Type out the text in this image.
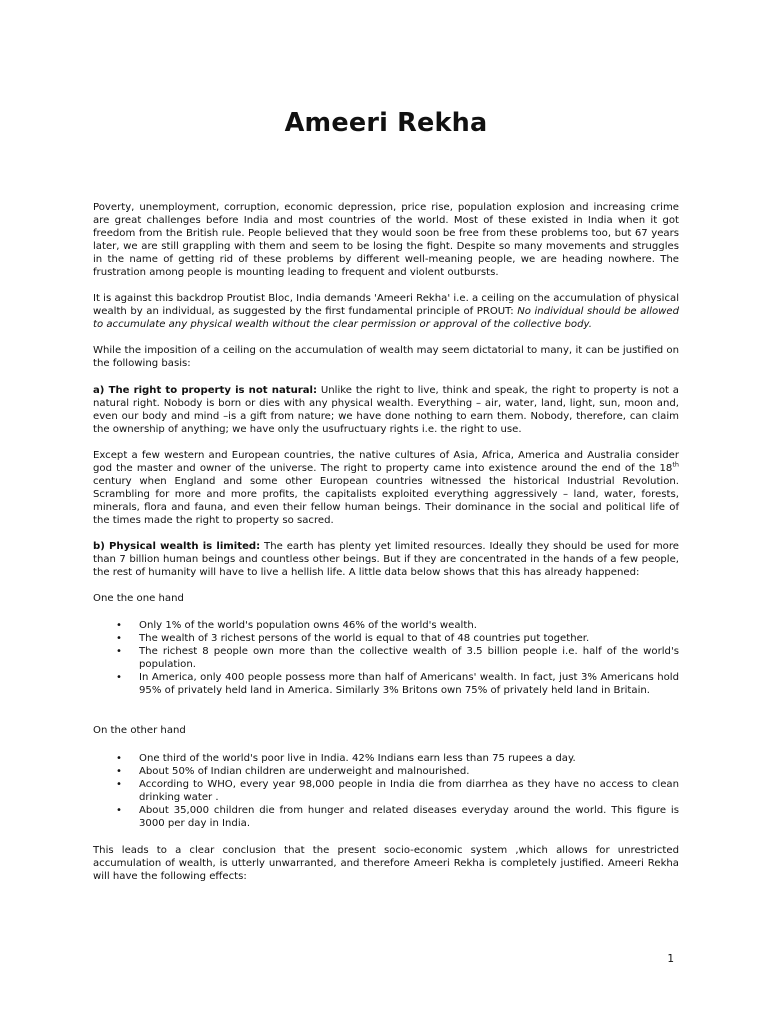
Ameeri Rekha

Poverty, unemployment, corruption, economic depression, price rise, population explosion and increasing crime are great challenges before India and most countries of the world. Most of these existed in India when it got freedom from the British rule. People believed that they would soon be free from these problems too, but 67 years later, we are still grappling with them and seem to be losing the fight. Despite so many movements and struggles in the name of getting rid of these problems by different well-meaning people, we are heading nowhere. The frustration among people is mounting leading to frequent and violent outbursts.

It is against this backdrop Proutist Bloc, India demands 'Ameeri Rekha' i.e. a ceiling on the accumulation of physical wealth by an individual, as suggested by the first fundamental principle of PROUT: No individual should be allowed to accumulate any physical wealth without the clear permission or approval of the collective body.

While the imposition of a ceiling on the accumulation of wealth may seem dictatorial to many, it can be justified on the following basis:

a) The right to property is not natural: Unlike the right to live, think and speak, the right to property is not a natural right. Nobody is born or dies with any physical wealth. Everything – air, water, land, light, sun, moon and, even our body and mind –is a gift from nature; we have done nothing to earn them. Nobody, therefore, can claim the ownership of anything; we have only the usufructuary rights i.e. the right to use.

Except a few western and European countries, the native cultures of Asia, Africa, America and Australia consider god the master and owner of the universe. The right to property came into existence around the end of the 18th century when England and some other European countries witnessed the historical Industrial Revolution. Scrambling for more and more profits, the capitalists exploited everything aggressively – land, water, forests, minerals, flora and fauna, and even their fellow human beings. Their dominance in the social and political life of the times made the right to property so sacred.

b) Physical wealth is limited: The earth has plenty yet limited resources. Ideally they should be used for more than 7 billion human beings and countless other beings. But if they are concentrated in the hands of a few people, the rest of humanity will have to live a hellish life. A little data below shows that this has already happened:

One the one hand

• Only 1% of the world's population owns 46% of the world's wealth.
• The wealth of 3 richest persons of the world is equal to that of 48 countries put together.
• The richest 8 people own more than the collective wealth of 3.5 billion people i.e. half of the world's population.
• In America, only 400 people possess more than half of Americans' wealth. In fact, just 3% Americans hold 95% of privately held land in America. Similarly 3% Britons own 75% of privately held land in Britain.

On the other hand

• One third of the world's poor live in India. 42% Indians earn less than 75 rupees a day.
• About 50% of Indian children are underweight and malnourished.
• According to WHO, every year 98,000 people in India die from diarrhea as they have no access to clean drinking water .
• About 35,000 children die from hunger and related diseases everyday around the world. This figure is 3000 per day in India.

This leads to a clear conclusion that the present socio-economic system ,which allows for unrestricted accumulation of wealth, is utterly unwarranted, and therefore Ameeri Rekha is completely justified. Ameeri Rekha will have the following effects:

1
